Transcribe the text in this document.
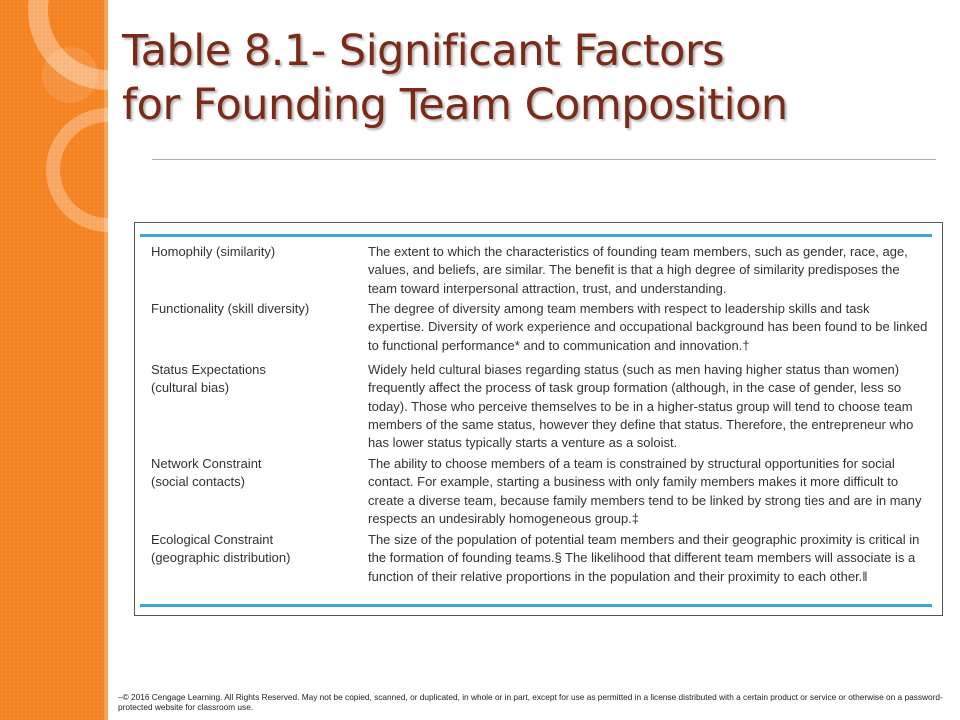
Table 8.1- Significant Factors
for Founding Team Composition
Homophily (similarity)	The extent to which the characteristics of founding team members, such as gender, race, age, values, and beliefs, are similar. The benefit is that a high degree of similarity predisposes the team toward interpersonal attraction, trust, and understanding.
Functionality (skill diversity)	The degree of diversity among team members with respect to leadership skills and task expertise. Diversity of work experience and occupational background has been found to be linked to functional performance* and to communication and innovation.†
Status Expectations
(cultural bias)
Widely held cultural biases regarding status (such as men having higher status than women) frequently affect the process of task group formation (although, in the case of gender, less so today). Those who perceive themselves to be in a higher-status group will tend to choose team members of the same status, however they define that status. Therefore, the entrepreneur who has lower status typically starts a venture as a soloist.
Network Constraint
(social contacts)
The ability to choose members of a team is constrained by structural opportunities for social contact. For example, starting a business with only family members makes it more difficult to create a diverse team, because family members tend to be linked by strong ties and are in many respects an undesirably homogeneous group.‡
Ecological Constraint
(geographic distribution)
The size of the population of potential team members and their geographic proximity is critical in the formation of founding teams.§ The likelihood that different team members will associate is a function of their relative proportions in the population and their proximity to each other.‖
–© 2016 Cengage Learning. All Rights Reserved. May not be copied, scanned, or duplicated, in whole or in part, except for use as permitted in a license distributed with a certain product or service or otherwise on a password-protected website for classroom use.
